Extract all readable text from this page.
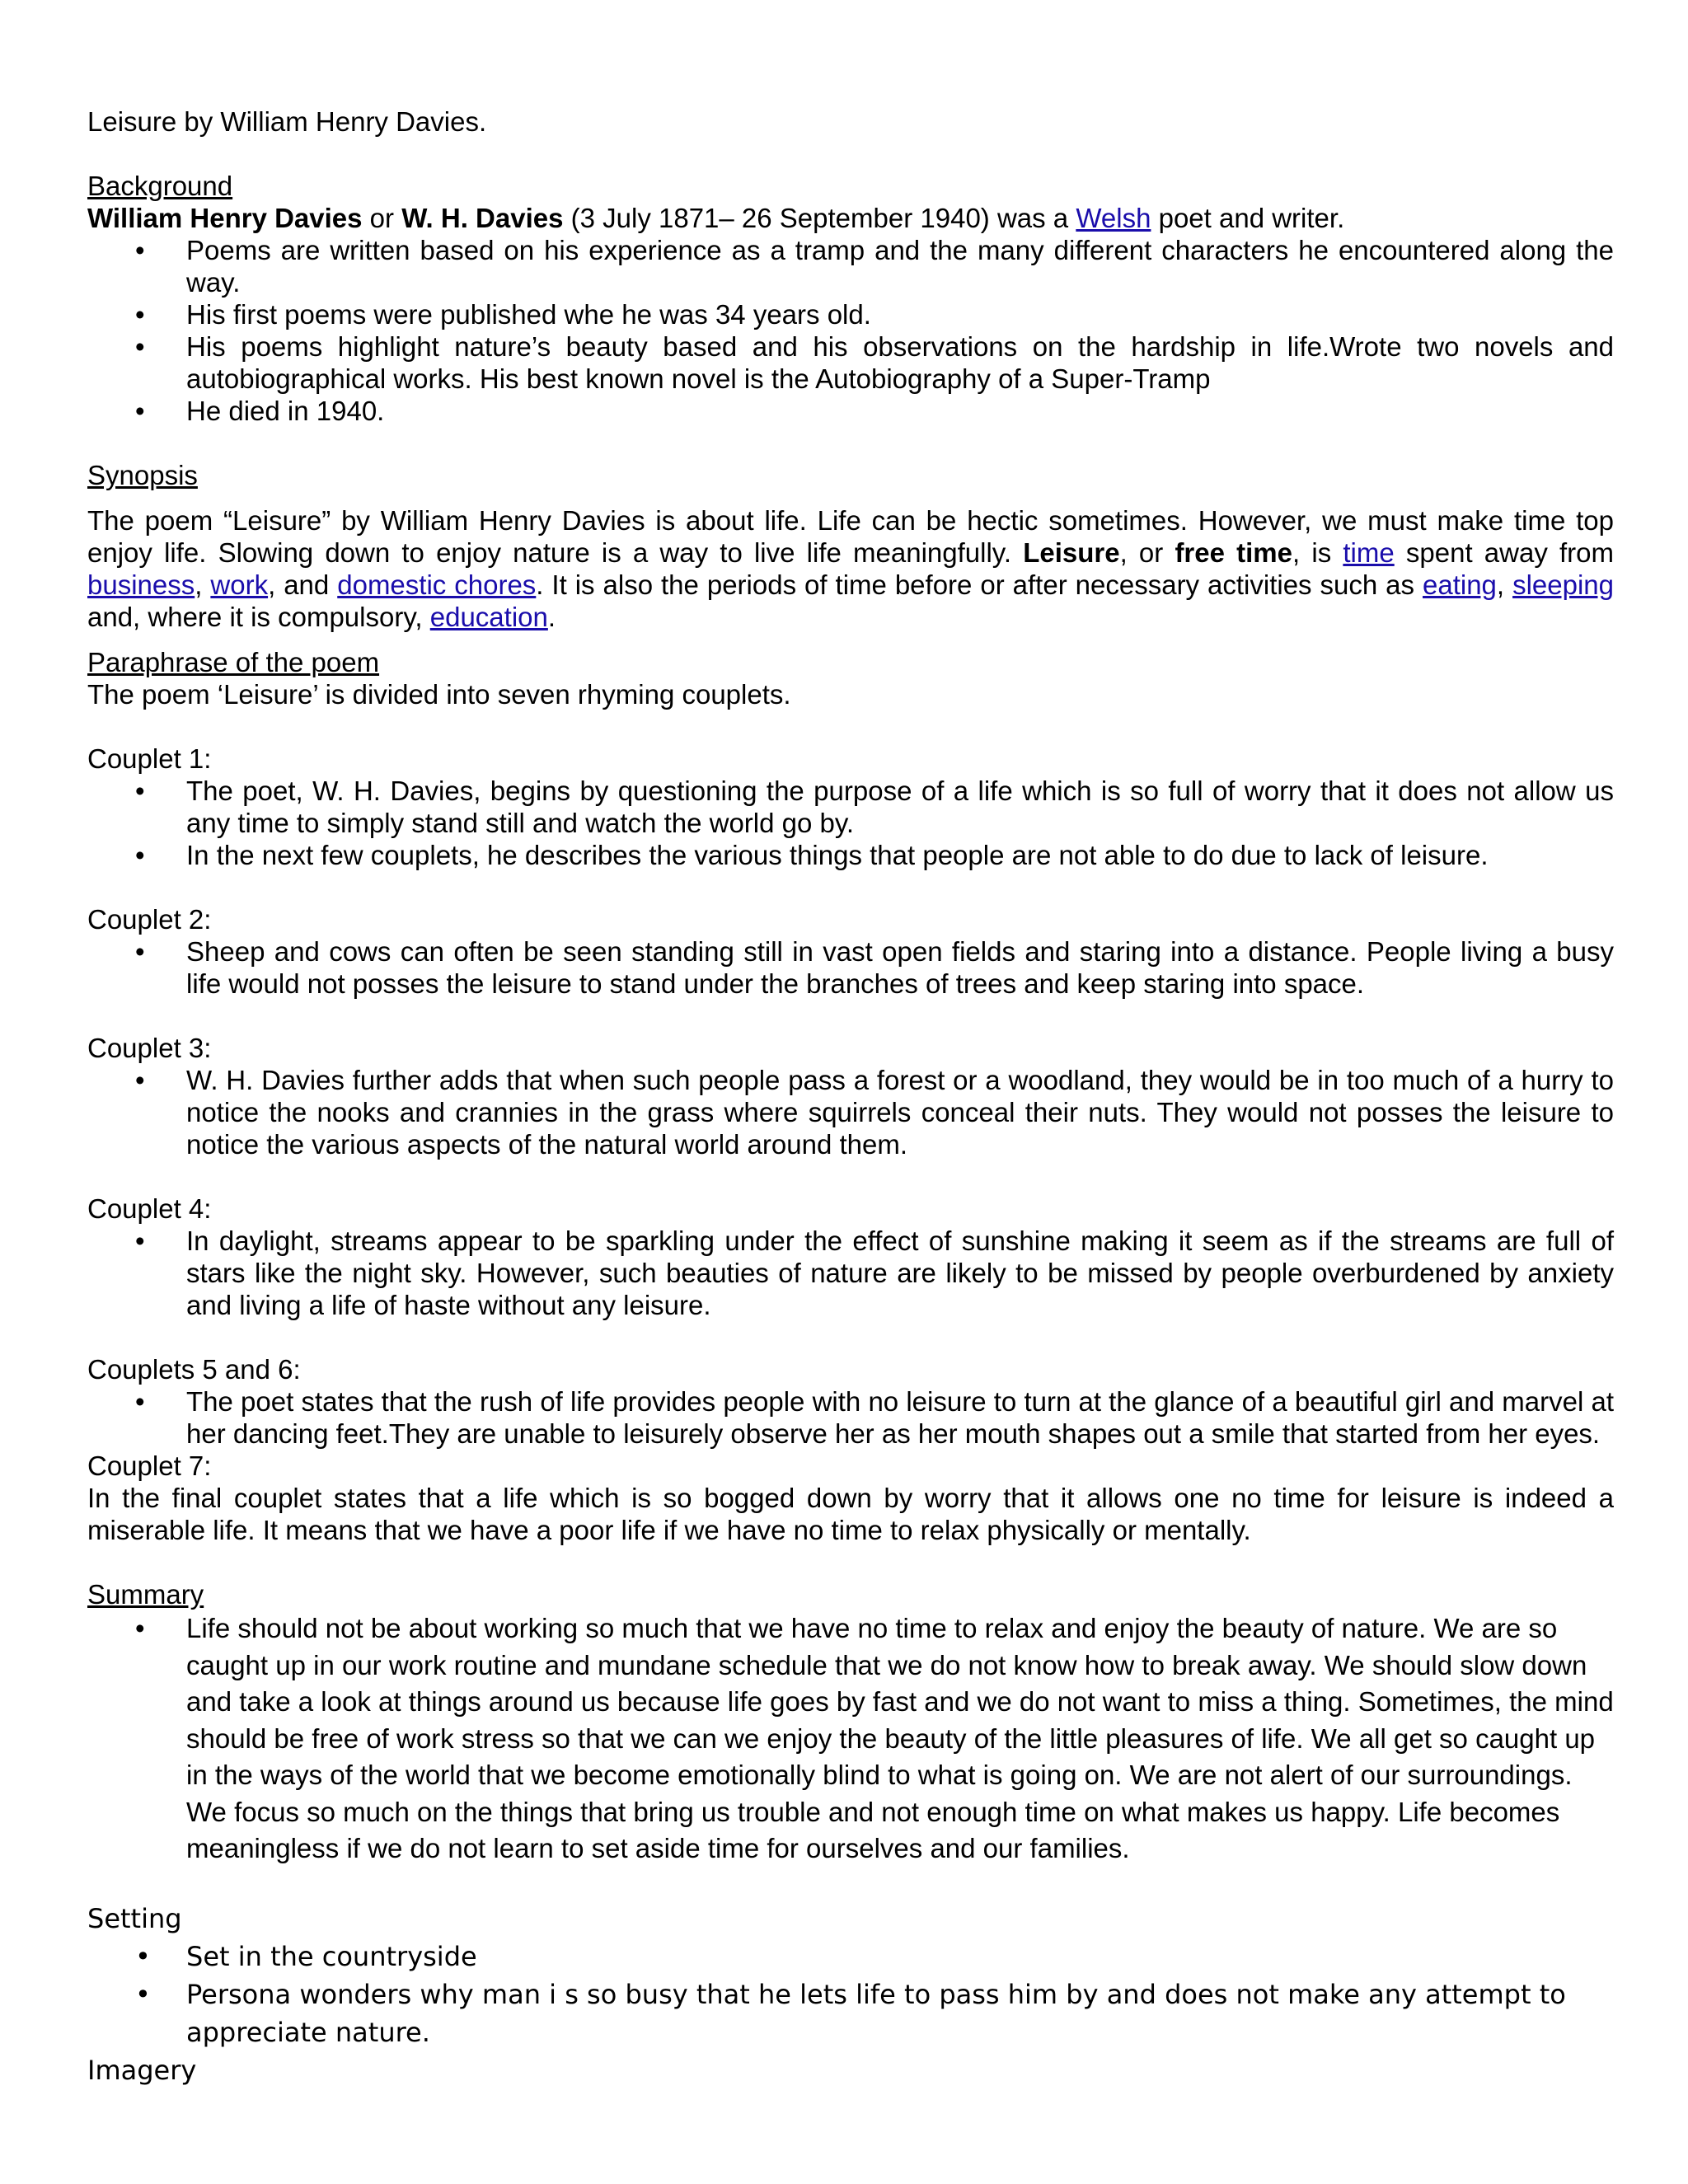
Leisure by William Henry Davies.

Background

William Henry Davies or W. H. Davies (3 July 1871– 26 September 1940) was a Welsh poet and writer.

• Poems are written based on his experience as a tramp and the many different characters he encountered along the way.
• His first poems were published whe he was 34 years old.
• His poems highlight nature’s beauty based and his observations on the hardship in life.Wrote two novels and autobiographical works. His best known novel is the Autobiography of a Super-Tramp
• He died in 1940.

Synopsis

The poem “Leisure” by William Henry Davies is about life. Life can be hectic sometimes. However, we must make time top enjoy life. Slowing down to enjoy nature is a way to live life meaningfully. Leisure, or free time, is time spent away from business, work, and domestic chores. It is also the periods of time before or after necessary activities such as eating, sleeping and, where it is compulsory, education.

Paraphrase of the poem

The poem ‘Leisure’ is divided into seven rhyming couplets.

Couplet 1:

• The poet, W. H. Davies, begins by questioning the purpose of a life which is so full of worry that it does not allow us any time to simply stand still and watch the world go by.
• In the next few couplets, he describes the various things that people are not able to do due to lack of leisure.

Couplet 2:

• Sheep and cows can often be seen standing still in vast open fields and staring into a distance. People living a busy life would not posses the leisure to stand under the branches of trees and keep staring into space.

Couplet 3:

• W. H. Davies further adds that when such people pass a forest or a woodland, they would be in too much of a hurry to notice the nooks and crannies in the grass where squirrels conceal their nuts. They would not posses the leisure to notice the various aspects of the natural world around them.

Couplet 4:

• In daylight, streams appear to be sparkling under the effect of sunshine making it seem as if the streams are full of stars like the night sky. However, such beauties of nature are likely to be missed by people overburdened by anxiety and living a life of haste without any leisure.

Couplets 5 and 6:

• The poet states that the rush of life provides people with no leisure to turn at the glance of a beautiful girl and marvel at her dancing feet.They are unable to leisurely observe her as her mouth shapes out a smile that started from her eyes.

Couplet 7:

In the final couplet states that a life which is so bogged down by worry that it allows one no time for leisure is indeed a miserable life. It means that we have a poor life if we have no time to relax physically or mentally.

Summary

• Life should not be about working so much that we have no time to relax and enjoy the beauty of nature. We are so caught up in our work routine and mundane schedule that we do not know how to break away. We should slow down and take a look at things around us because life goes by fast and we do not want to miss a thing. Sometimes, the mind should be free of work stress so that we can we enjoy the beauty of the little pleasures of life. We all get so caught up in the ways of the world that we become emotionally blind to what is going on. We are not alert of our surroundings. We focus so much on the things that bring us trouble and not enough time on what makes us happy. Life becomes meaningless if we do not learn to set aside time for ourselves and our families.

Setting

• Set in the countryside
• Persona wonders why man i s so busy that he lets life to pass him by and does not make any attempt to appreciate nature.

Imagery
